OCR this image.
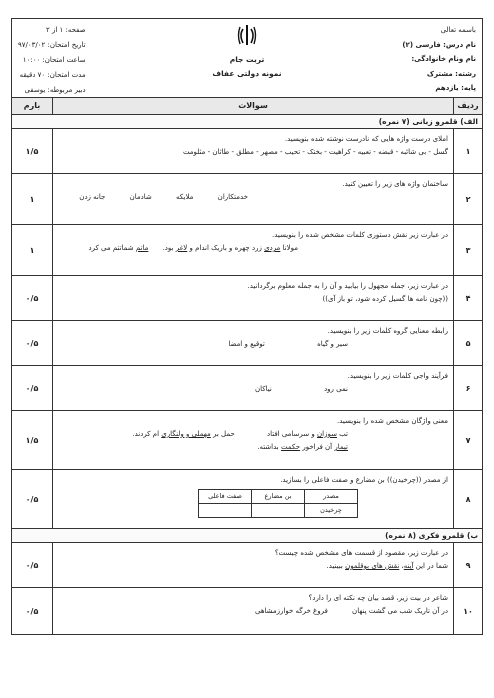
باسمه تعالی
نام درس: فارسی (۲)
نام ونام خانوادگی:
رشته: مشترک
پایه: یازدهم
تربت جام
نمونه دولتی عفاف
صفحه: ۱ از ۲
تاریخ امتحان: ۹۷/۰۳/۰۲
ساعت امتحان: ۱۰:۰۰
مدت امتحان: ۷۰ دقیقه
دبیر مربوطه: یوسفی
ردیف
سوالات
بارم
الف) قلمرو زبانی (۷ نمره)
۱
املای درست واژه هایی که نادرست نوشته شده بنویسید.
گسل - بی شائبه - قبضه - تعبیه - کراهیت - بختک - تحیب - مصهر - مطلق - طاثان - مثلومت
۱/۵
۲
ساختمان واژه های زیر را تعیین کنید.
خدمتکاران ملایکه شادمان جانه زدن
۱
۳
در عبارت زیر نقش دستوری کلمات مشخص شده را بنویسید.
مولانا مردی زرد چهره و باریک اندام و لاغر بود. ماتم شماتتم می کرد
۱
۴
در عبارت زیر، جمله مجهول را بیابید و آن را به جمله معلوم برگردانید.
((چون نامه ها گسیل کرده شود، تو باز آی))
۰/۵
۵
رابطه معنایی گروه کلمات زیر را بنویسید.
سیر و گیاه توقیع و امضا
۰/۵
۶
فرآیند واجی کلمات زیر را بنویسید.
نمی رود نیاکان
۰/۵
۷
معنی واژگان مشخص شده را بنویسید.
تب سوزان و سرسامی افتاد حمل بر مهملی و ولنگاری ام کردند.
تیمار آن فراخور حکمت بداشته.
۱/۵
۸
از مصدر ((چرخیدن)) بن مضارع و صفت فاعلی را بسازید.
مصدر	بن مضارع	صفت فاعلی
چرخیدن		
۰/۵
ب) قلمرو فکری (۸ نمره)
۹
در عبارت زیر، مقصود از قسمت های مشخص شده چیست؟
شما در این آینه، نقش های بوقلمون ببینید.
۰/۵
۱۰
شاعر در بیت زیر، قصد بیان چه نکته ای را دارد؟
در آن تاریک شب می گشت پنهان فروغ خرگه خوارزمشاهی
۰/۵
